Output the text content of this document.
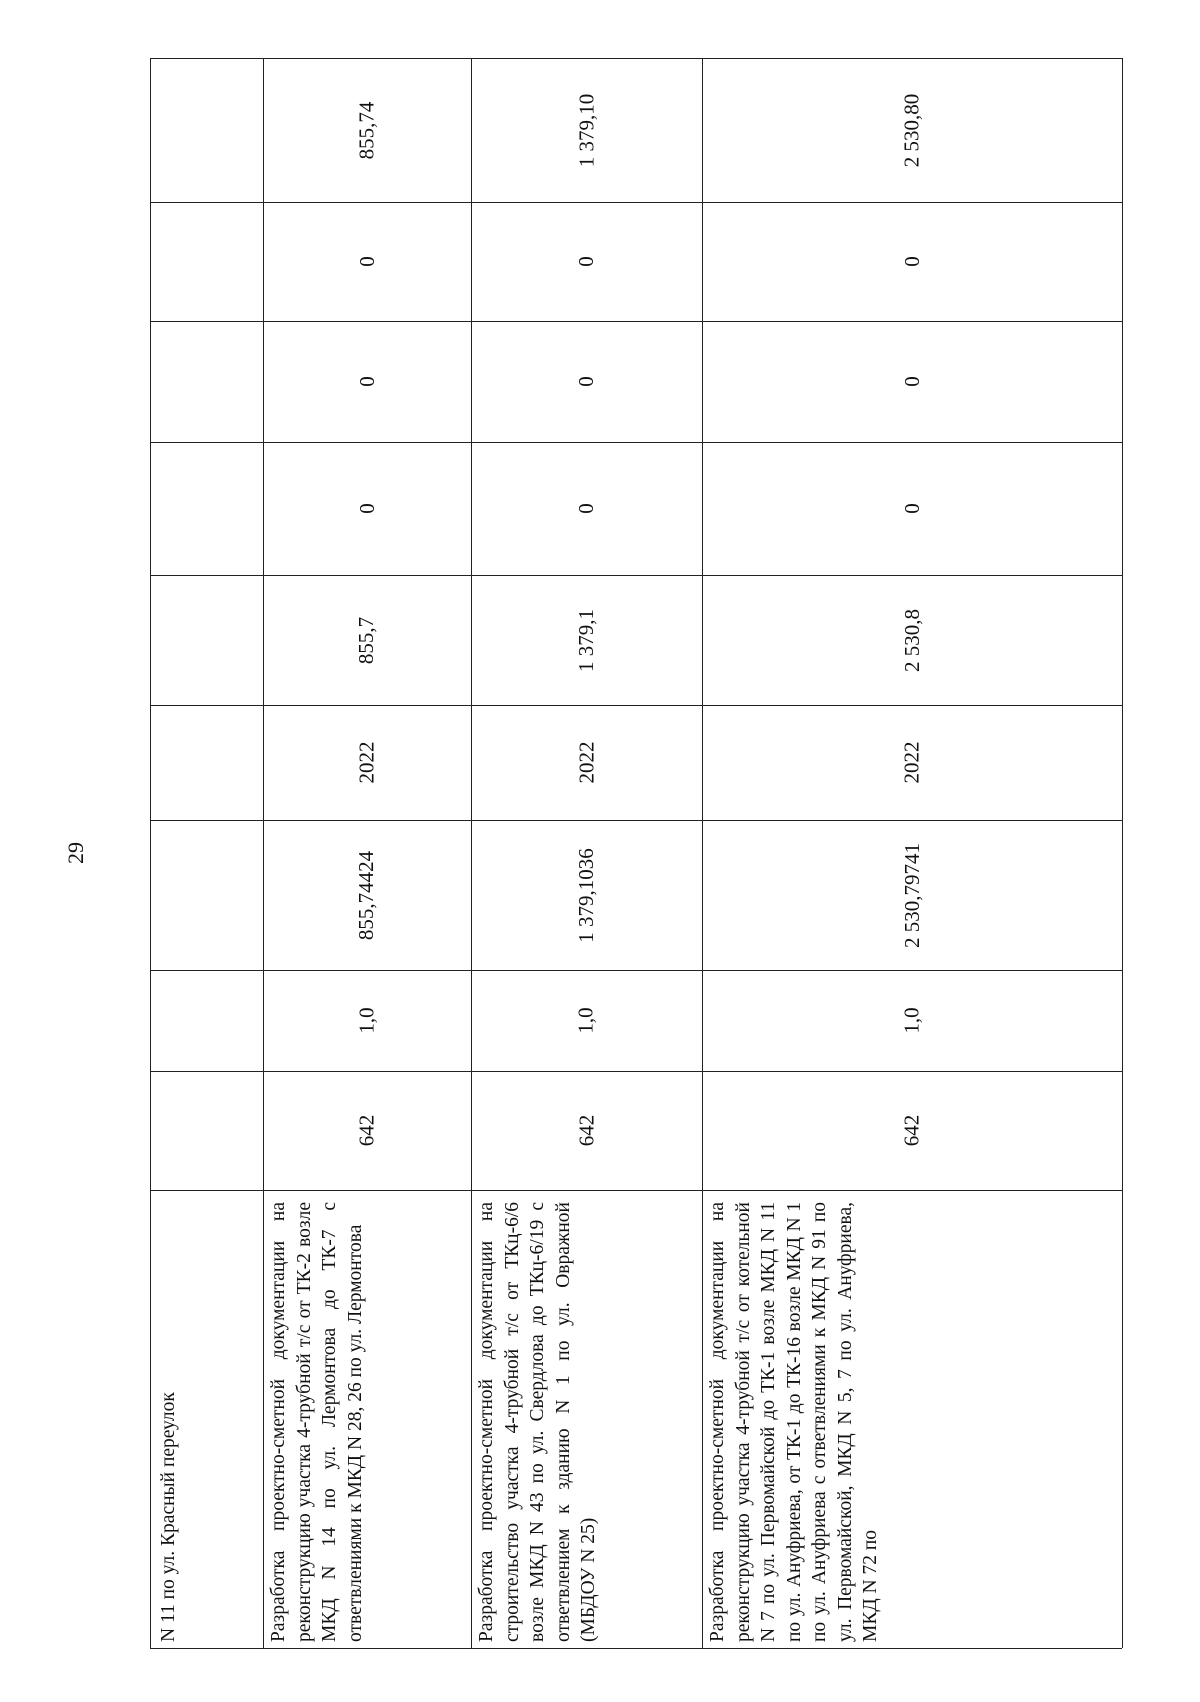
29
N 11 по ул. Красный переулок	Разработка проектно-сметной документации на реконструкцию участка 4-трубной т/с от ТК-2 возле МКД N 14 по ул. Лермонтова до ТК-7 с ответвлениями к МКД N 28, 26 по ул. Лермонтова
642
1,0
855,74424
2022
855,7
0
0
0
855,74
Разработка проектно-сметной документации на строительство участка 4-трубной т/с от ТКц-6/6 возле МКД N 43 по ул. Свердлова до ТКц-6/19 с ответвлением к зданию N 1 по ул. Овражной (МБДОУ N 25)
642
1,0
1 379,1036
2022
1 379,1
0
0
0
1 379,10
Разработка проектно-сметной документации на реконструкцию участка 4-трубной т/с от котельной N 7 по ул. Первомайской до ТК-1 возле МКД N 11 по ул. Ануфриева, от ТК-1 до ТК-16 возле МКД N 1 по ул. Ануфриева с ответвлениями к МКД N 91 по ул. Первомайской, МКД N 5, 7 по ул. Ануфриева, МКД N 72 по
642
1,0
2 530,79741
2022
2 530,8
0
0
0
2 530,80
